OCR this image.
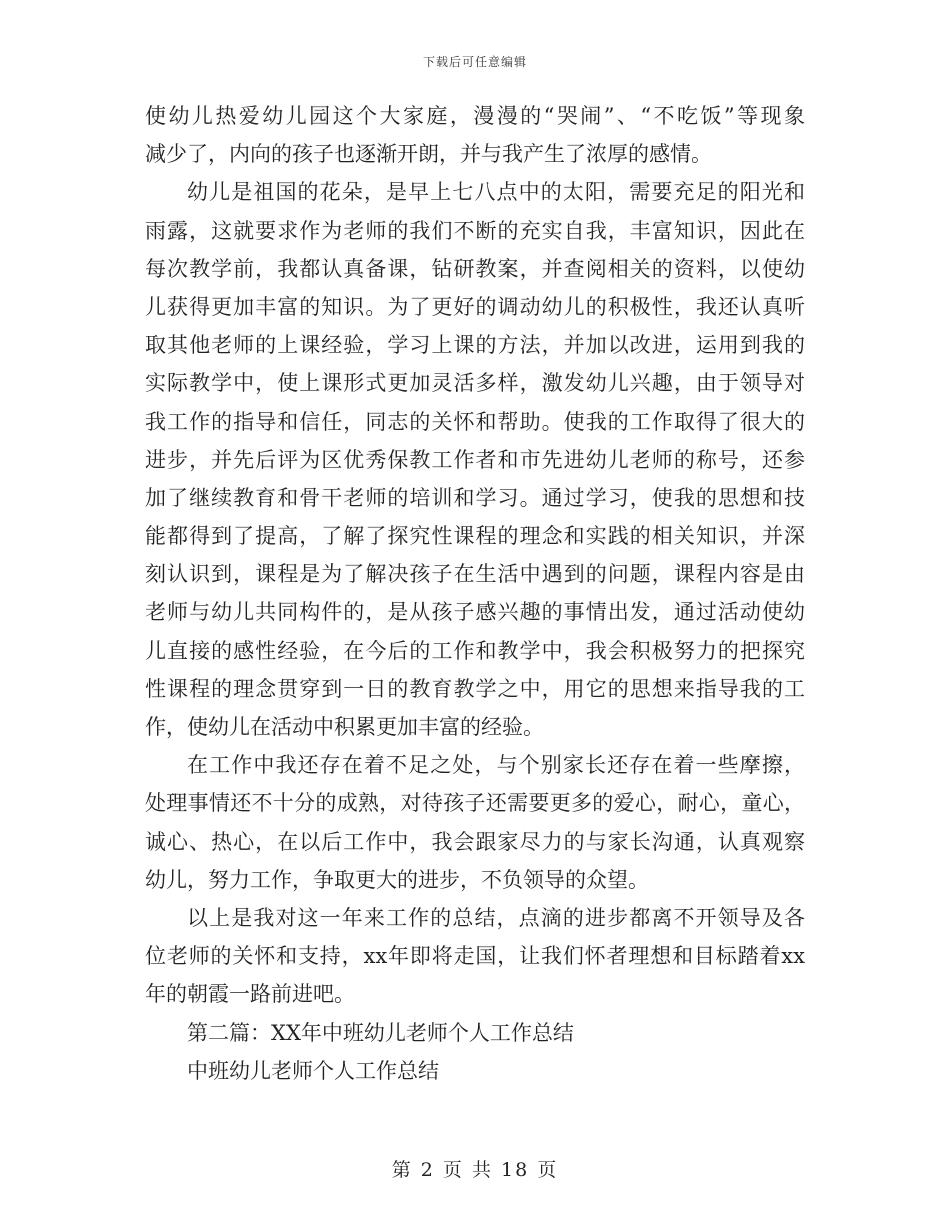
下载后可任意编辑
使幼儿热爱幼儿园这个大家庭，漫漫的“哭闹”、“不吃饭”等现象
减少了，内向的孩子也逐渐开朗，并与我产生了浓厚的感情。
幼儿是祖国的花朵，是早上七八点中的太阳，需要充足的阳光和
雨露，这就要求作为老师的我们不断的充实自我，丰富知识，因此在
每次教学前，我都认真备课，钻研教案，并查阅相关的资料，以使幼
儿获得更加丰富的知识。为了更好的调动幼儿的积极性，我还认真听
取其他老师的上课经验，学习上课的方法，并加以改进，运用到我的
实际教学中，使上课形式更加灵活多样，激发幼儿兴趣，由于领导对
我工作的指导和信任，同志的关怀和帮助。使我的工作取得了很大的
进步，并先后评为区优秀保教工作者和市先进幼儿老师的称号，还参
加了继续教育和骨干老师的培训和学习。通过学习，使我的思想和技
能都得到了提高，了解了探究性课程的理念和实践的相关知识，并深
刻认识到，课程是为了解决孩子在生活中遇到的问题，课程内容是由
老师与幼儿共同构件的，是从孩子感兴趣的事情出发，通过活动使幼
儿直接的感性经验，在今后的工作和教学中，我会积极努力的把探究
性课程的理念贯穿到一日的教育教学之中，用它的思想来指导我的工
作，使幼儿在活动中积累更加丰富的经验。
在工作中我还存在着不足之处，与个别家长还存在着一些摩擦，
处理事情还不十分的成熟，对待孩子还需要更多的爱心，耐心，童心，
诚心、热心，在以后工作中，我会跟家尽力的与家长沟通，认真观察
幼儿，努力工作，争取更大的进步，不负领导的众望。
以上是我对这一年来工作的总结，点滴的进步都离不开领导及各
位老师的关怀和支持，xx年即将走国，让我们怀者理想和目标踏着xx
年的朝霞一路前进吧。
第二篇：XX年中班幼儿老师个人工作总结
中班幼儿老师个人工作总结
第 2 页 共 18 页
